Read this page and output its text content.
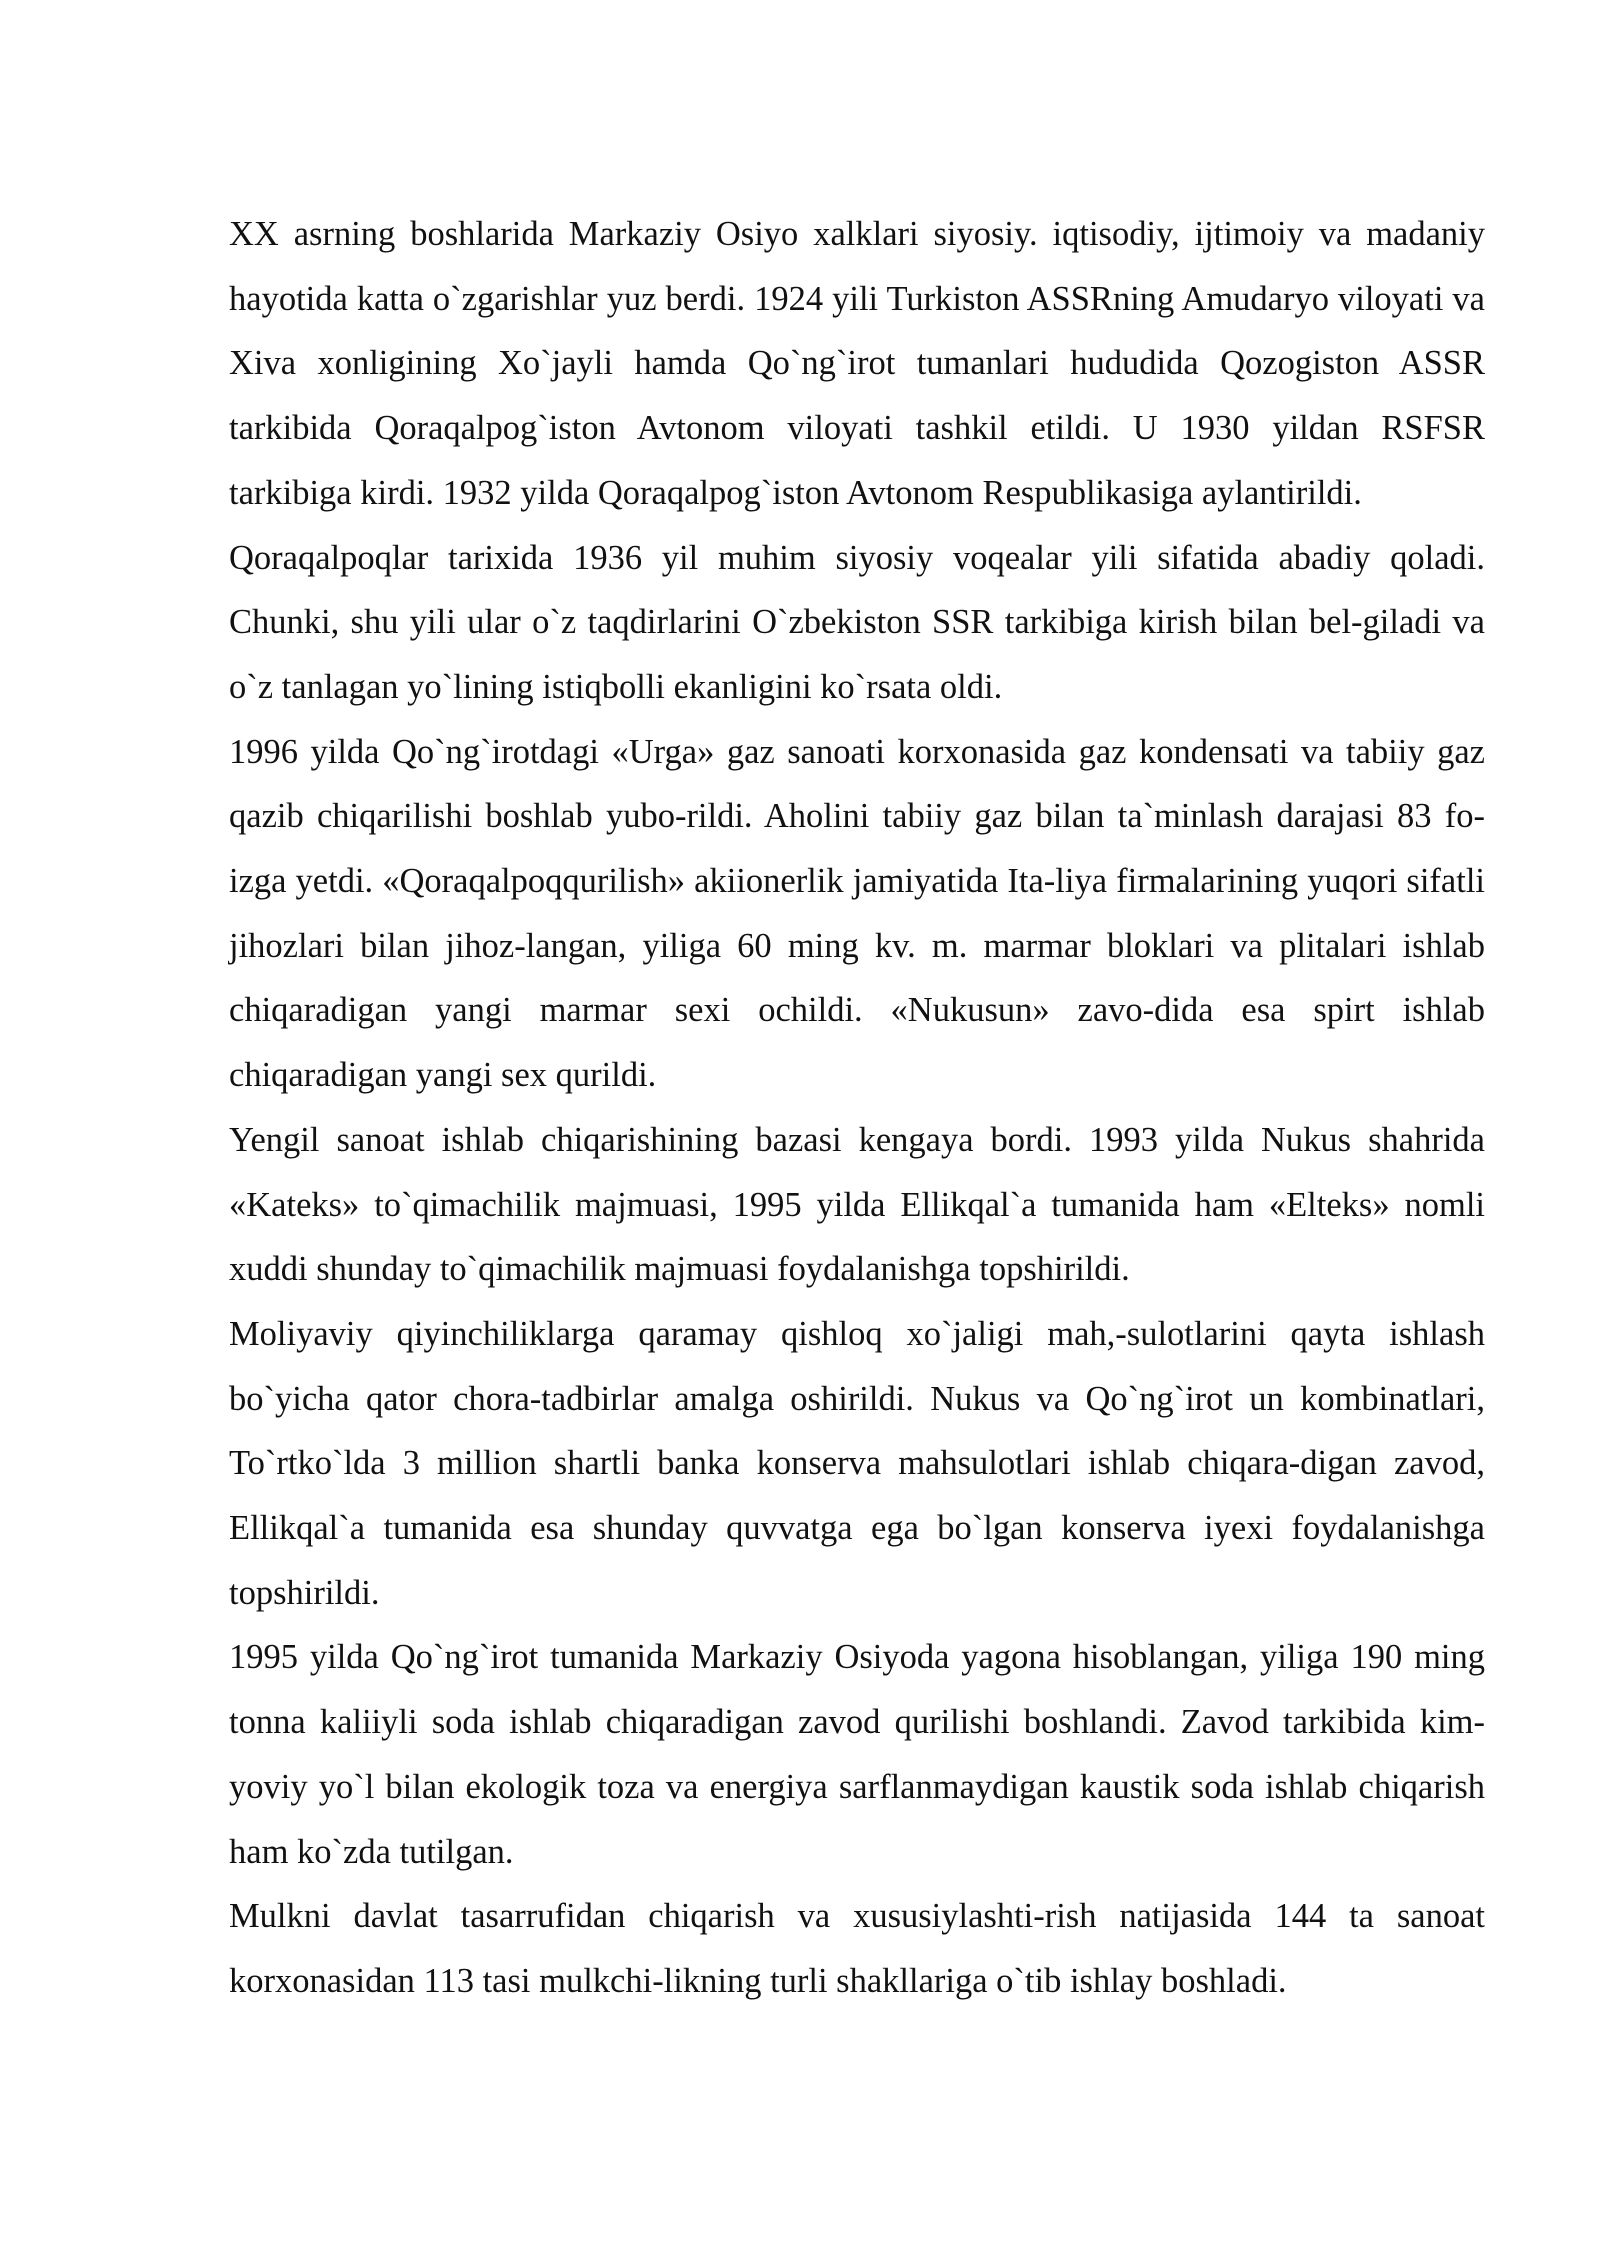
XX asrning boshlarida Markaziy Osiyo xalklari siyosiy. iqtisodiy, ijtimoiy va madaniy hayotida katta o`zgarishlar yuz berdi. 1924 yili Turkiston ASSRning Amudaryo viloyati va Xiva xonligining Xo`jayli hamda Qo`ng`irot tumanlari hududida Qozogiston ASSR tarkibida Qoraqalpog`iston Avtonom viloyati tashkil etildi. U 1930 yildan RSFSR tarkibiga kirdi. 1932 yilda Qoraqalpog`iston Avtonom Respublikasiga aylantirildi.

Qoraqalpoqlar tarixida 1936 yil muhim siyosiy voqealar yili sifatida abadiy qoladi. Chunki, shu yili ular o`z taqdirlarini O`zbekiston SSR tarkibiga kirish bilan bel-giladi va o`z tanlagan yo`lining istiqbolli ekanligini ko`rsata oldi.

1996 yilda Qo`ng`irotdagi «Urga» gaz sanoati korxonasida gaz kondensati va tabiiy gaz qazib chiqarilishi boshlab yubo-rildi. Aholini tabiiy gaz bilan ta`minlash darajasi 83 fo-izga yetdi. «Qoraqalpoqqurilish» akiionerlik jamiyatida Ita-liya firmalarining yuqori sifatli jihozlari bilan jihoz-langan, yiliga 60 ming kv. m. marmar bloklari va plitalari ishlab chiqaradigan yangi marmar sexi ochildi. «Nukusun» zavo-dida esa spirt ishlab chiqaradigan yangi sex qurildi.

Yengil sanoat ishlab chiqarishining bazasi kengaya bordi. 1993 yilda Nukus shahrida «Kateks» to`qimachilik majmuasi, 1995 yilda Ellikqal`a tumanida ham «Elteks» nomli xuddi shunday to`qimachilik majmuasi foydalanishga topshirildi.

Moliyaviy qiyinchiliklarga qaramay qishloq xo`jaligi mah,-sulotlarini qayta ishlash bo`yicha qator chora-tadbirlar amalga oshirildi. Nukus va Qo`ng`irot un kombinatlari, To`rtko`lda 3 million shartli banka konserva mahsulotlari ishlab chiqara-digan zavod, Ellikqal`a tumanida esa shunday quvvatga ega bo`lgan konserva iyexi foydalanishga topshirildi.

1995 yilda Qo`ng`irot tumanida Markaziy Osiyoda yagona hisoblangan, yiliga 190 ming tonna kaliiyli soda ishlab chiqaradigan zavod qurilishi boshlandi. Zavod tarkibida kim-yoviy yo`l bilan ekologik toza va energiya sarflanmaydigan kaustik soda ishlab chiqarish ham ko`zda tutilgan.

Mulkni davlat tasarrufidan chiqarish va xususiylashti-rish natijasida 144 ta sanoat korxonasidan 113 tasi mulkchi-likning turli shakllariga o`tib ishlay boshladi.
